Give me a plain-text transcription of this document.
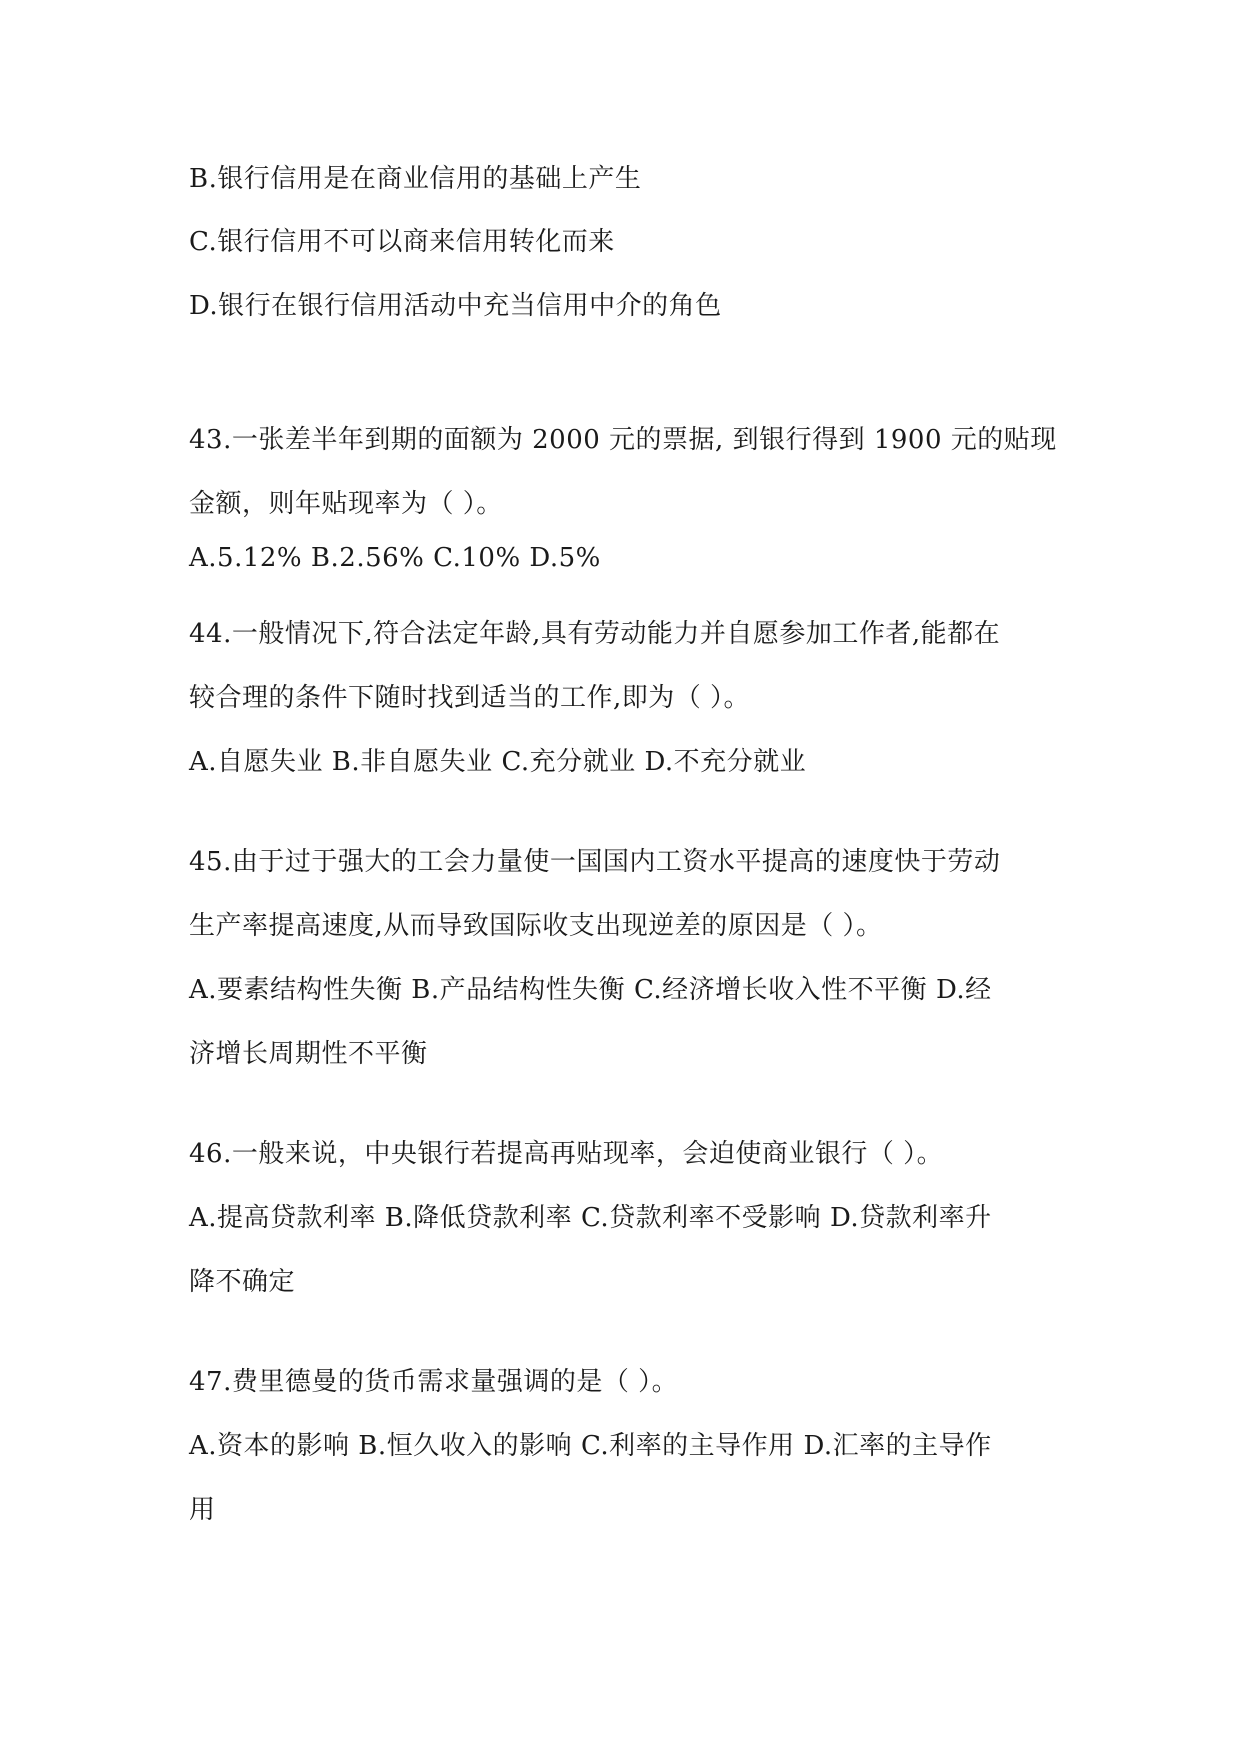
B.银行信用是在商业信用的基础上产生
C.银行信用不可以商来信用转化而来
D.银行在银行信用活动中充当信用中介的角色
43.一张差半年到期的面额为 2000 元的票据, 到银行得到 1900 元的贴现
金额，则年贴现率为（ ）。
A.5.12% B.2.56% C.10% D.5%
44.一般情况下,符合法定年龄,具有劳动能力并自愿参加工作者,能都在
较合理的条件下随时找到适当的工作,即为（ ）。
A.自愿失业 B.非自愿失业 C.充分就业 D.不充分就业
45.由于过于强大的工会力量使一国国内工资水平提高的速度快于劳动
生产率提高速度,从而导致国际收支出现逆差的原因是（ ）。
A.要素结构性失衡 B.产品结构性失衡 C.经济增长收入性不平衡 D.经
济增长周期性不平衡
46.一般来说，中央银行若提高再贴现率，会迫使商业银行（ ）。
A.提高贷款利率 B.降低贷款利率 C.贷款利率不受影响 D.贷款利率升
降不确定
47.费里德曼的货币需求量强调的是（ ）。
A.资本的影响 B.恒久收入的影响 C.利率的主导作用 D.汇率的主导作
用
